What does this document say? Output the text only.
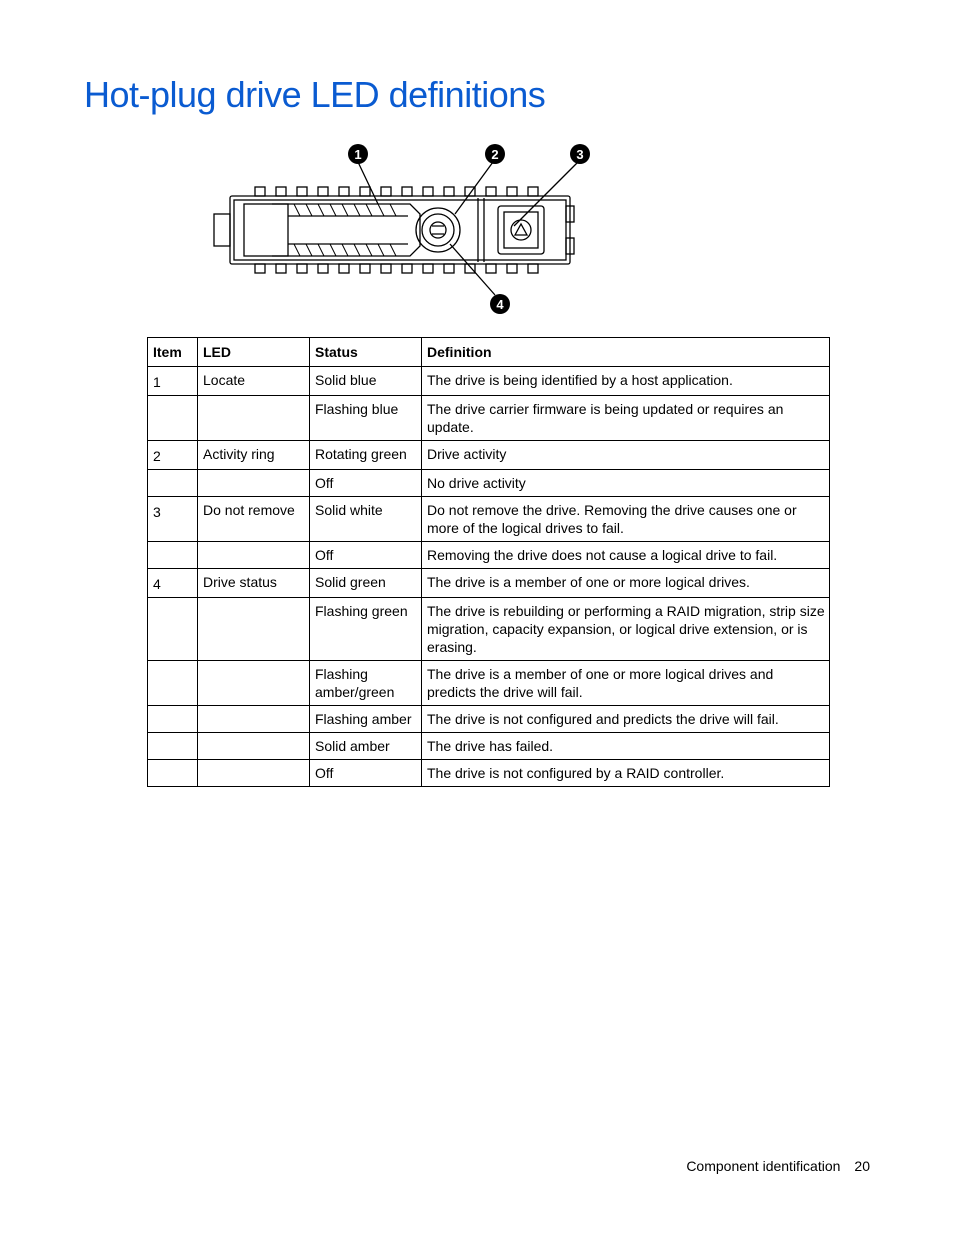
Hot-plug drive LED definitions
1	2	3
4
Item	LED	Status	Definition
1	Locate	Solid blue	The drive is being identified by a host application.
		Flashing blue	The drive carrier firmware is being updated or requires an update.
2	Activity ring	Rotating green	Drive activity
		Off	No drive activity
3	Do not remove	Solid white	Do not remove the drive. Removing the drive causes one or more of the logical drives to fail.
		Off	Removing the drive does not cause a logical drive to fail.
4	Drive status	Solid green	The drive is a member of one or more logical drives.
		Flashing green	The drive is rebuilding or performing a RAID migration, strip size migration, capacity expansion, or logical drive extension, or is erasing.
		Flashing amber/green	The drive is a member of one or more logical drives and predicts the drive will fail.
		Flashing amber	The drive is not configured and predicts the drive will fail.
		Solid amber	The drive has failed.
		Off	The drive is not configured by a RAID controller.
Component identification 20
